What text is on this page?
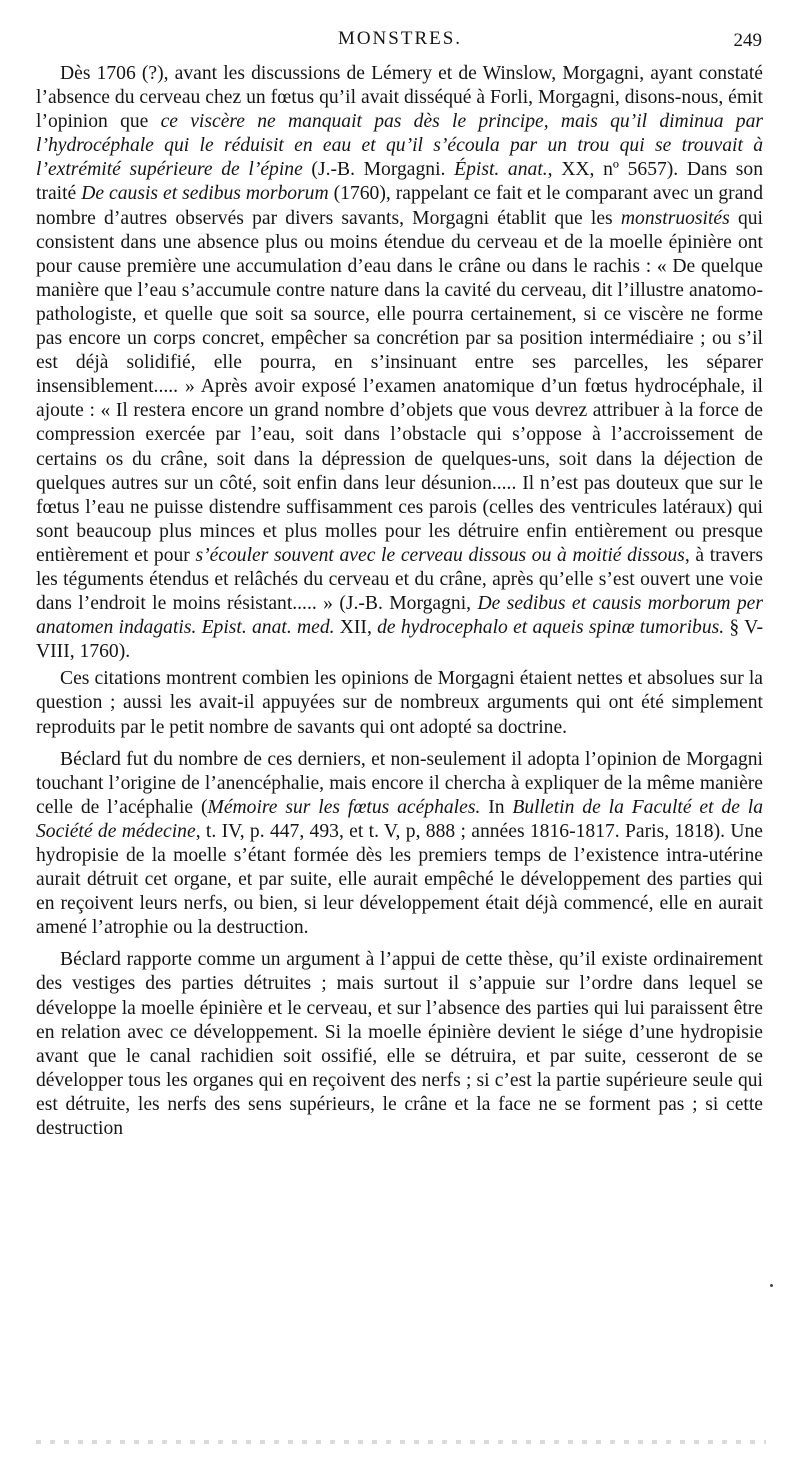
MONSTRES.	249

Dès 1706 (?), avant les discussions de Lémery et de Winslow, Morgagni, ayant constaté l’absence du cerveau chez un fœtus qu’il avait disséqué à Forli, Morgagni, disons-nous, émit l’opinion que ce viscère ne manquait pas dès le principe, mais qu’il diminua par l’hydrocéphale qui le réduisit en eau et qu’il s’écoula par un trou qui se trouvait à l’extrémité supérieure de l’épine (J.-B. Morgagni. Épist. anat., XX, nº 5657). Dans son traité De causis et sedibus morborum (1760), rappelant ce fait et le comparant avec un grand nombre d’autres observés par divers savants, Morgagni établit que les monstruosités qui consistent dans une absence plus ou moins étendue du cerveau et de la moelle épinière ont pour cause première une accumulation d’eau dans le crâne ou dans le rachis : « De quelque manière que l’eau s’accumule contre nature dans la cavité du cerveau, dit l’illustre anatomo-pathologiste, et quelle que soit sa source, elle pourra certainement, si ce viscère ne forme pas encore un corps concret, empêcher sa concrétion par sa position intermédiaire ; ou s’il est déjà solidifié, elle pourra, en s’insinuant entre ses parcelles, les séparer insensiblement..... » Après avoir exposé l’examen anatomique d’un fœtus hydrocéphale, il ajoute : « Il restera encore un grand nombre d’objets que vous devrez attribuer à la force de compression exercée par l’eau, soit dans l’obstacle qui s’oppose à l’accroissement de certains os du crâne, soit dans la dépression de quelques-uns, soit dans la déjection de quelques autres sur un côté, soit enfin dans leur désunion..... Il n’est pas douteux que sur le fœtus l’eau ne puisse distendre suffisamment ces parois (celles des ventricules latéraux) qui sont beaucoup plus minces et plus molles pour les détruire enfin entièrement ou presque entièrement et pour s’écouler souvent avec le cerveau dissous ou à moitié dissous, à travers les téguments étendus et relâchés du cerveau et du crâne, après qu’elle s’est ouvert une voie dans l’endroit le moins résistant..... » (J.-B. Morgagni, De sedibus et causis morborum per anatomen indagatis. Epist. anat. med. XII, de hydrocephalo et aqueis spinæ tumoribus. § V-VIII, 1760).

Ces citations montrent combien les opinions de Morgagni étaient nettes et absolues sur la question ; aussi les avait-il appuyées sur de nombreux arguments qui ont été simplement reproduits par le petit nombre de savants qui ont adopté sa doctrine.

Béclard fut du nombre de ces derniers, et non-seulement il adopta l’opinion de Morgagni touchant l’origine de l’anencéphalie, mais encore il chercha à expliquer de la même manière celle de l’acéphalie (Mémoire sur les fœtus acéphales. In Bulletin de la Faculté et de la Société de médecine, t. IV, p. 447, 493, et t. V, p, 888 ; années 1816-1817. Paris, 1818). Une hydropisie de la moelle s’étant formée dès les premiers temps de l’existence intra-utérine aurait détruit cet organe, et par suite, elle aurait empêché le développement des parties qui en reçoivent leurs nerfs, ou bien, si leur développement était déjà commencé, elle en aurait amené l’atrophie ou la destruction.

Béclard rapporte comme un argument à l’appui de cette thèse, qu’il existe ordinairement des vestiges des parties détruites ; mais surtout il s’appuie sur l’ordre dans lequel se développe la moelle épinière et le cerveau, et sur l’absence des parties qui lui paraissent être en relation avec ce développement. Si la moelle épinière devient le siége d’une hydropisie avant que le canal rachidien soit ossifié, elle se détruira, et par suite, cesseront de se développer tous les organes qui en reçoivent des nerfs ; si c’est la partie supérieure seule qui est détruite, les nerfs des sens supérieurs, le crâne et la face ne se forment pas ; si cette destruction
